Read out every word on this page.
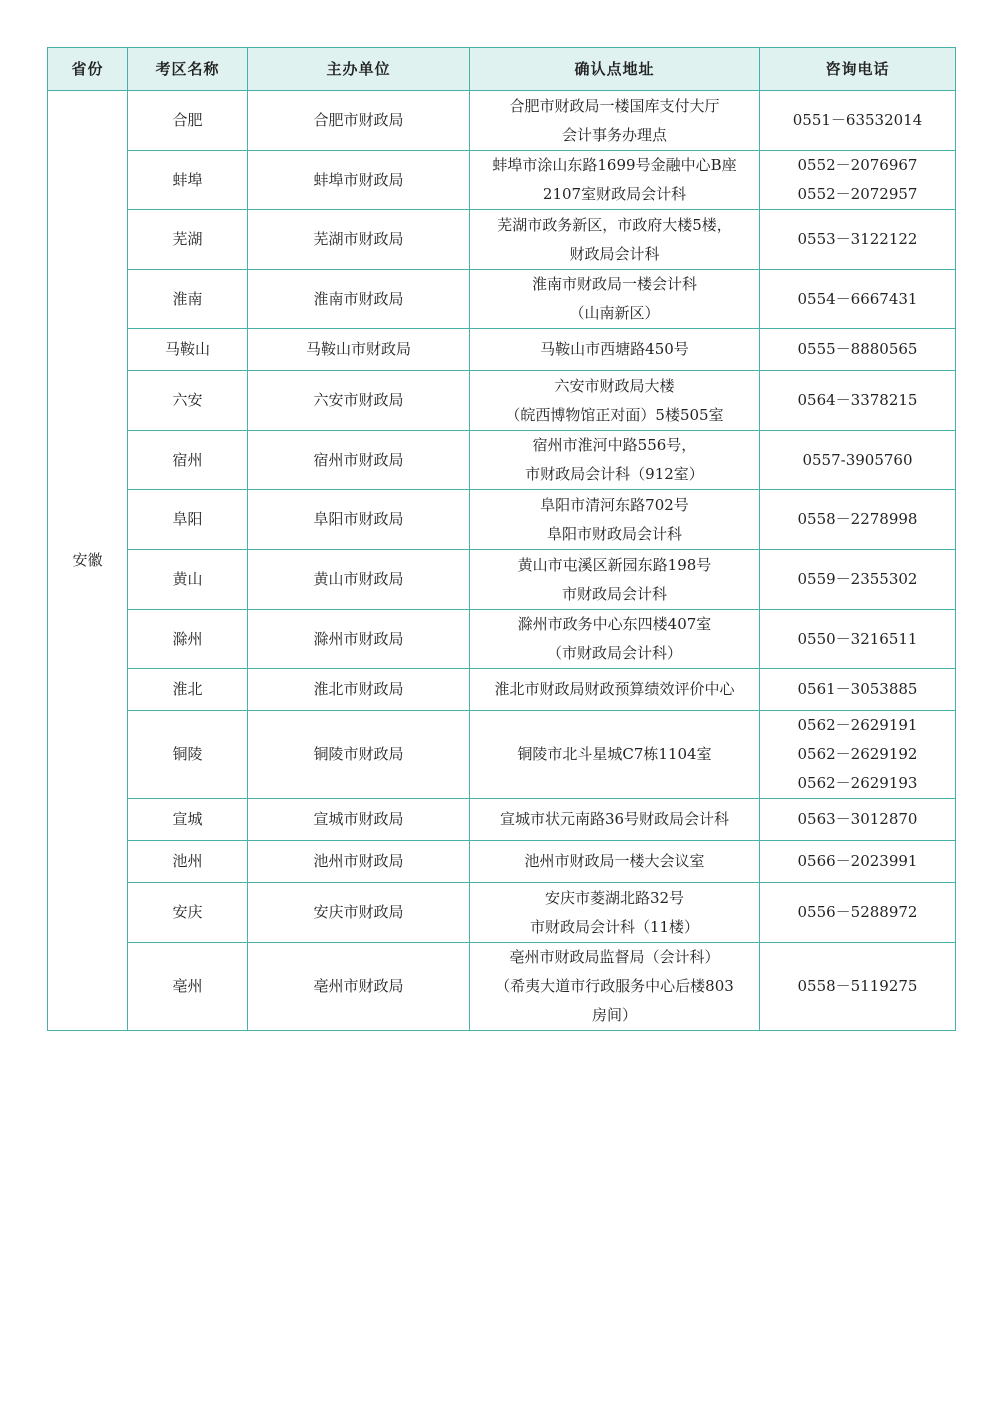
省份	考区名称	主办单位	确认点地址	咨询电话
安徽	合肥	合肥市财政局	合肥市财政局一楼国库支付大厅
会计事务办理点	0551－63532014

	蚌埠	蚌埠市财政局	蚌埠市涂山东路1699号金融中心B座
2107室财政局会计科	0552－2076967
0552－2072957

	芜湖	芜湖市财政局	芜湖市政务新区，市政府大楼5楼，
财政局会计科	0553－3122122

	淮南	淮南市财政局	淮南市财政局一楼会计科
（山南新区）	0554－6667431

	马鞍山	马鞍山市财政局	马鞍山市西塘路450号	0555－8880565

	六安	六安市财政局	六安市财政局大楼
（皖西博物馆正对面）5楼505室	0564－3378215

	宿州	宿州市财政局	宿州市淮河中路556号，
市财政局会计科（912室）	0557-3905760

	阜阳	阜阳市财政局	阜阳市清河东路702号
阜阳市财政局会计科	0558－2278998

	黄山	黄山市财政局	黄山市屯溪区新园东路198号
市财政局会计科	0559－2355302

	滁州	滁州市财政局	滁州市政务中心东四楼407室
（市财政局会计科）	0550－3216511

	淮北	淮北市财政局	淮北市财政局财政预算绩效评价中心	0561－3053885

	铜陵	铜陵市财政局	铜陵市北斗星城C7栋1104室	0562－2629191
0562－2629192
0562－2629193

	宣城	宣城市财政局	宣城市状元南路36号财政局会计科	0563－3012870

	池州	池州市财政局	池州市财政局一楼大会议室	0566－2023991

	安庆	安庆市财政局	安庆市菱湖北路32号
市财政局会计科（11楼）	0556－5288972

	亳州	亳州市财政局	亳州市财政局监督局（会计科）
（希夷大道市行政服务中心后楼803
房间）	0558－5119275
